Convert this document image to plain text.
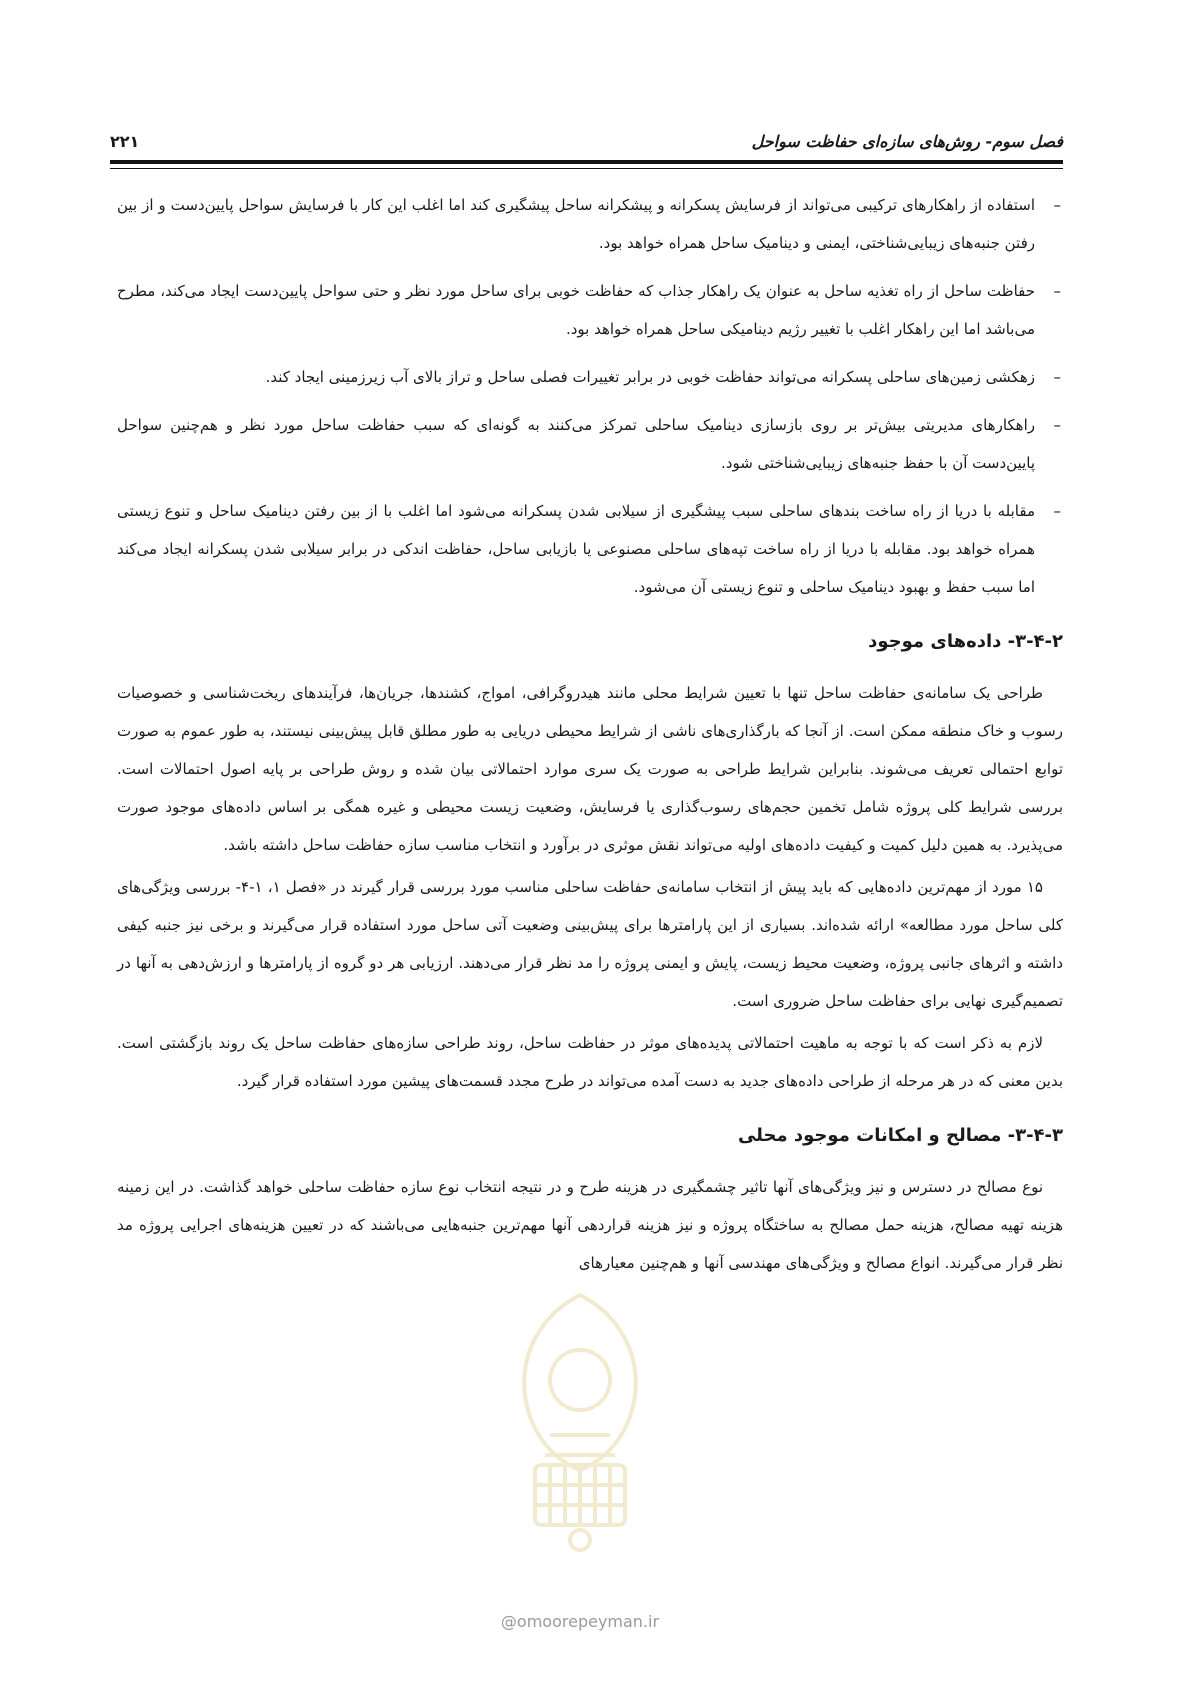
فصل سوم- روش‌های سازه‌ای حفاظت سواحل
۲۲۱
–
استفاده از راهکارهای ترکیبی می‌تواند از فرسایش پسکرانه و پیشکرانه ساحل پیشگیری کند اما اغلب این کار با فرسایش سواحل پایین‌دست و از بین رفتن جنبه‌های زیبایی‌شناختی، ایمنی و دینامیک ساحل همراه خواهد بود.
–
حفاظت ساحل از راه تغذیه ساحل به عنوان یک راهکار جذاب که حفاظت خوبی برای ساحل مورد نظر و حتی سواحل پایین‌دست ایجاد می‌کند، مطرح می‌باشد اما این راهکار اغلب با تغییر رژیم دینامیکی ساحل همراه خواهد بود.
–
زهکشی زمین‌های ساحلی پسکرانه می‌تواند حفاظت خوبی در برابر تغییرات فصلی ساحل و تراز بالای آب زیرزمینی ایجاد کند.
–
راهکارهای مدیریتی بیش‌تر بر روی بازسازی دینامیک ساحلی تمرکز می‌کنند به گونه‌ای که سبب حفاظت ساحل مورد نظر و هم‌چنین سواحل پایین‌دست آن با حفظ جنبه‌های زیبایی‌شناختی شود.
–
مقابله با دریا از راه ساخت بندهای ساحلی سبب پیشگیری از سیلابی شدن پسکرانه می‌شود اما اغلب با از بین رفتن دینامیک ساحل و تنوع زیستی همراه خواهد بود. مقابله با دریا از راه ساخت تپه‌های ساحلی مصنوعی یا بازیابی ساحل، حفاظت اندکی در برابر سیلابی شدن پسکرانه ایجاد می‌کند اما سبب حفظ و بهبود دینامیک ساحلی و تنوع زیستی آن می‌شود.
۳-۴-۲- داده‌های موجود

طراحی یک سامانه‌ی حفاظت ساحل تنها با تعیین شرایط محلی مانند هیدروگرافی، امواج، کشندها، جریان‌ها، فرآیندهای ریخت‌شناسی و خصوصیات رسوب و خاک منطقه ممکن است. از آنجا که بارگذاری‌های ناشی از شرایط محیطی دریایی به طور مطلق قابل پیش‌بینی نیستند، به طور عموم به صورت توابع احتمالی تعریف می‌شوند. بنابراین شرایط طراحی به صورت یک سری موارد احتمالاتی بیان شده و روش طراحی بر پایه اصول احتمالات است. بررسی شرایط کلی پروژه شامل تخمین حجم‌های رسوب‌گذاری یا فرسایش، وضعیت زیست محیطی و غیره همگی بر اساس داده‌های موجود صورت می‌پذیرد. به همین دلیل کمیت و کیفیت داده‌های اولیه می‌تواند نقش موثری در برآورد و انتخاب مناسب سازه حفاظت ساحل داشته باشد.

۱۵ مورد از مهم‌ترین داده‌هایی که باید پیش از انتخاب سامانه‌ی حفاظت ساحلی مناسب مورد بررسی قرار گیرند در «فصل ۱، ۱-۴- بررسی ویژگی‌های کلی ساحل مورد مطالعه» ارائه شده‌اند. بسیاری از این پارامترها برای پیش‌بینی وضعیت آتی ساحل مورد استفاده قرار می‌گیرند و برخی نیز جنبه کیفی داشته و اثرهای جانبی پروژه، وضعیت محیط زیست، پایش و ایمنی پروژه را مد نظر قرار می‌دهند. ارزیابی هر دو گروه از پارامترها و ارزش‌دهی به آنها در تصمیم‌گیری نهایی برای حفاظت ساحل ضروری است.

لازم به ذکر است که با توجه به ماهیت احتمالاتی پدیده‌های موثر در حفاظت ساحل، روند طراحی سازه‌های حفاظت ساحل یک روند بازگشتی است. بدین معنی که در هر مرحله از طراحی داده‌های جدید به دست آمده می‌تواند در طرح مجدد قسمت‌های پیشین مورد استفاده قرار گیرد.

۳-۴-۳- مصالح و امکانات موجود محلی

نوع مصالح در دسترس و نیز ویژگی‌های آنها تاثیر چشمگیری در هزینه طرح و در نتیجه انتخاب نوع سازه حفاظت ساحلی خواهد گذاشت. در این زمینه هزینه تهیه مصالح، هزینه حمل مصالح به ساختگاه پروژه و نیز هزینه قراردهی آنها مهم‌ترین جنبه‌هایی می‌باشند که در تعیین هزینه‌های اجرایی پروژه مد نظر قرار می‌گیرند. انواع مصالح و ویژگی‌های مهندسی آنها و هم‌چنین معیارهای

@omoorepeyman.ir
